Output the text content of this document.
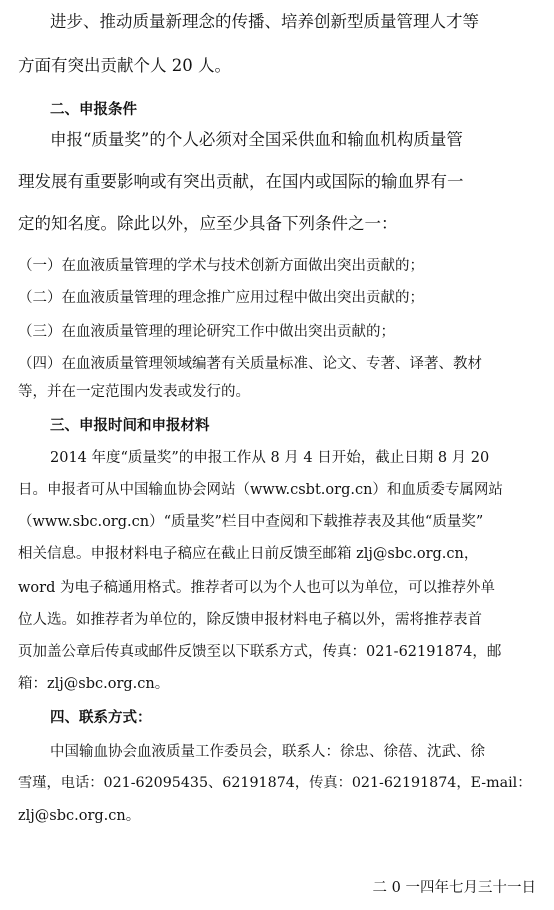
进步、推动质量新理念的传播、培养创新型质量管理人才等

方面有突出贡献个人 20 人。

二、申报条件

申报“质量奖”的个人必须对全国采供血和输血机构质量管

理发展有重要影响或有突出贡献，在国内或国际的输血界有一

定的知名度。除此以外，应至少具备下列条件之一：

（一）在血液质量管理的学术与技术创新方面做出突出贡献的；

（二）在血液质量管理的理念推广应用过程中做出突出贡献的；

（三）在血液质量管理的理论研究工作中做出突出贡献的；

（四）在血液质量管理领域编著有关质量标准、论文、专著、译著、教材

等，并在一定范围内发表或发行的。

三、申报时间和申报材料

2014 年度“质量奖”的申报工作从 8 月 4 日开始，截止日期 8 月 20

日。申报者可从中国输血协会网站（www.csbt.org.cn）和血质委专属网站

（www.sbc.org.cn）“质量奖”栏目中查阅和下载推荐表及其他“质量奖”

相关信息。申报材料电子稿应在截止日前反馈至邮箱 zlj@sbc.org.cn，

word 为电子稿通用格式。推荐者可以为个人也可以为单位，可以推荐外单

位人选。如推荐者为单位的，除反馈申报材料电子稿以外，需将推荐表首

页加盖公章后传真或邮件反馈至以下联系方式，传真：021-62191874，邮

箱：zlj@sbc.org.cn。

四、联系方式：

中国输血协会血液质量工作委员会，联系人：徐忠、徐蓓、沈武、徐

雪瑾，电话：021-62095435、62191874，传真：021-62191874，E-mail：

zlj@sbc.org.cn。

二 0 一四年七月三十一日
